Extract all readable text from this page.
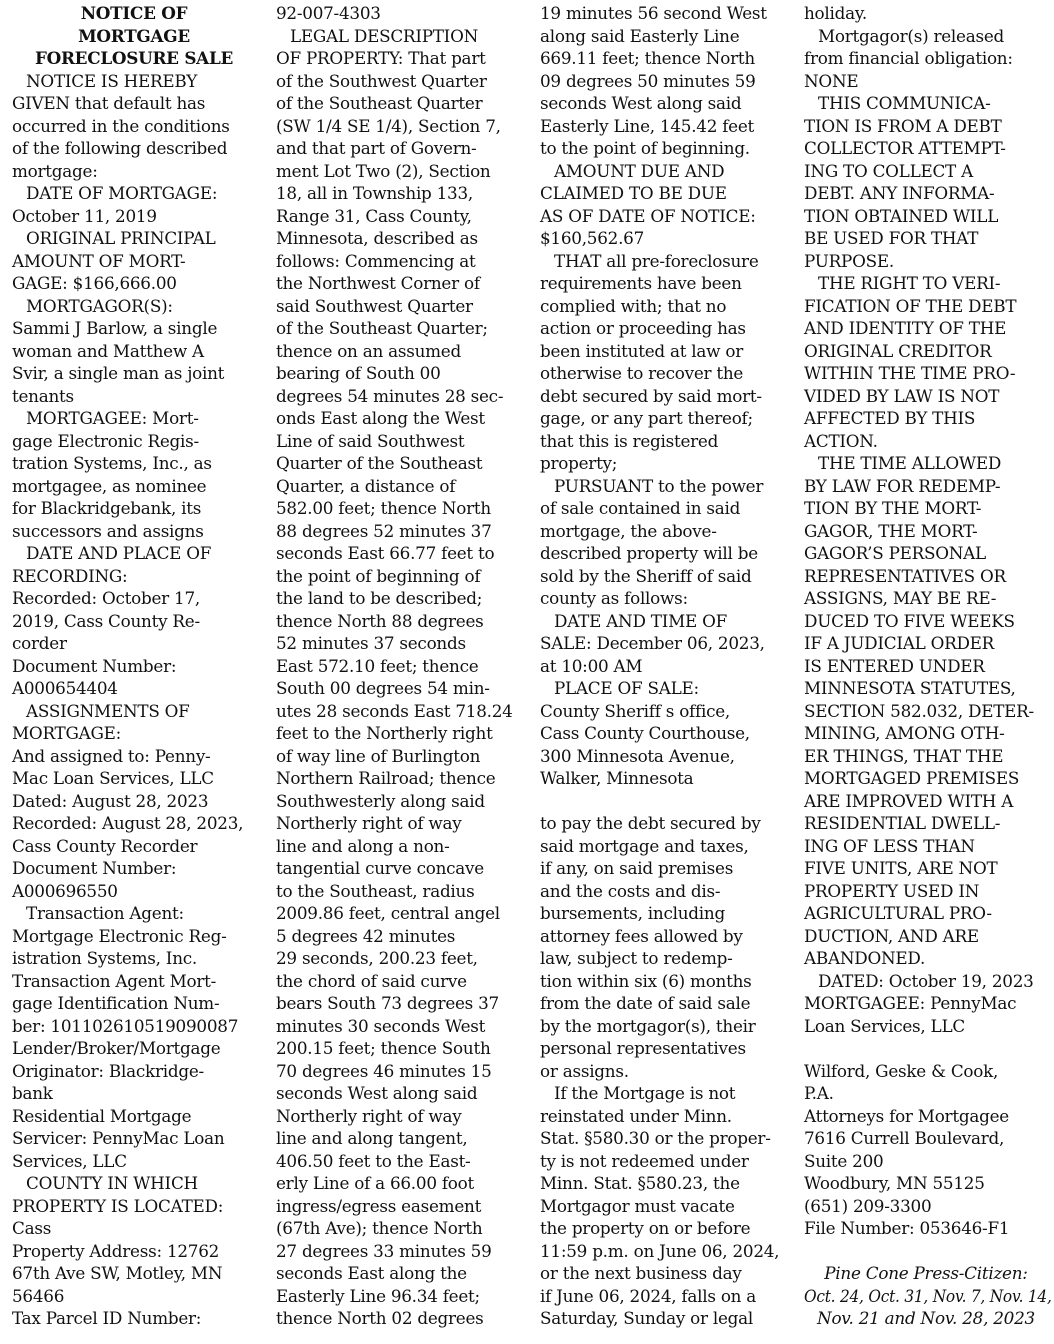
NOTICE OF
MORTGAGE
FORECLOSURE SALE
NOTICE IS HEREBY
GIVEN that default has
occurred in the conditions
of the following described
mortgage:
DATE OF MORTGAGE:
October 11, 2019
ORIGINAL PRINCIPAL
AMOUNT OF MORT-
GAGE: $166,666.00
MORTGAGOR(S):
Sammi J Barlow, a single
woman and Matthew A
Svir, a single man as joint
tenants
MORTGAGEE: Mort-
gage Electronic Regis-
tration Systems, Inc., as
mortgagee, as nominee
for Blackridgebank, its
successors and assigns
DATE AND PLACE OF
RECORDING:
Recorded: October 17,
2019, Cass County Re-
corder
Document Number:
A000654404
ASSIGNMENTS OF
MORTGAGE:
And assigned to: Penny-
Mac Loan Services, LLC
Dated: August 28, 2023
Recorded: August 28, 2023,
Cass County Recorder
Document Number:
A000696550
Transaction Agent:
Mortgage Electronic Reg-
istration Systems, Inc.
Transaction Agent Mort-
gage Identification Num-
ber: 101102610519090087
Lender/Broker/Mortgage
Originator: Blackridge-
bank
Residential Mortgage
Servicer: PennyMac Loan
Services, LLC
COUNTY IN WHICH
PROPERTY IS LOCATED:
Cass
Property Address: 12762
67th Ave SW, Motley, MN
56466
Tax Parcel ID Number:
92-007-4303
LEGAL DESCRIPTION
OF PROPERTY: That part
of the Southwest Quarter
of the Southeast Quarter
(SW 1/4 SE 1/4), Section 7,
and that part of Govern-
ment Lot Two (2), Section
18, all in Township 133,
Range 31, Cass County,
Minnesota, described as
follows: Commencing at
the Northwest Corner of
said Southwest Quarter
of the Southeast Quarter;
thence on an assumed
bearing of South 00
degrees 54 minutes 28 sec-
onds East along the West
Line of said Southwest
Quarter of the Southeast
Quarter, a distance of
582.00 feet; thence North
88 degrees 52 minutes 37
seconds East 66.77 feet to
the point of beginning of
the land to be described;
thence North 88 degrees
52 minutes 37 seconds
East 572.10 feet; thence
South 00 degrees 54 min-
utes 28 seconds East 718.24
feet to the Northerly right
of way line of Burlington
Northern Railroad; thence
Southwesterly along said
Northerly right of way
line and along a non-
tangential curve concave
to the Southeast, radius
2009.86 feet, central angel
5 degrees 42 minutes
29 seconds, 200.23 feet,
the chord of said curve
bears South 73 degrees 37
minutes 30 seconds West
200.15 feet; thence South
70 degrees 46 minutes 15
seconds West along said
Northerly right of way
line and along tangent,
406.50 feet to the East-
erly Line of a 66.00 foot
ingress/egress easement
(67th Ave); thence North
27 degrees 33 minutes 59
seconds East along the
Easterly Line 96.34 feet;
thence North 02 degrees
19 minutes 56 second West
along said Easterly Line
669.11 feet; thence North
09 degrees 50 minutes 59
seconds West along said
Easterly Line, 145.42 feet
to the point of beginning.
AMOUNT DUE AND
CLAIMED TO BE DUE
AS OF DATE OF NOTICE:
$160,562.67
THAT all pre-foreclosure
requirements have been
complied with; that no
action or proceeding has
been instituted at law or
otherwise to recover the
debt secured by said mort-
gage, or any part thereof;
that this is registered
property;
PURSUANT to the power
of sale contained in said
mortgage, the above-
described property will be
sold by the Sheriff of said
county as follows:
DATE AND TIME OF
SALE: December 06, 2023,
at 10:00 AM
PLACE OF SALE:
County Sheriff s office,
Cass County Courthouse,
300 Minnesota Avenue,
Walker, Minnesota
to pay the debt secured by
said mortgage and taxes,
if any, on said premises
and the costs and dis-
bursements, including
attorney fees allowed by
law, subject to redemp-
tion within six (6) months
from the date of said sale
by the mortgagor(s), their
personal representatives
or assigns.
If the Mortgage is not
reinstated under Minn.
Stat. §580.30 or the proper-
ty is not redeemed under
Minn. Stat. §580.23, the
Mortgagor must vacate
the property on or before
11:59 p.m. on June 06, 2024,
or the next business day
if June 06, 2024, falls on a
Saturday, Sunday or legal
holiday.
Mortgagor(s) released
from financial obligation:
NONE
THIS COMMUNICA-
TION IS FROM A DEBT
COLLECTOR ATTEMPT-
ING TO COLLECT A
DEBT. ANY INFORMA-
TION OBTAINED WILL
BE USED FOR THAT
PURPOSE.
THE RIGHT TO VERI-
FICATION OF THE DEBT
AND IDENTITY OF THE
ORIGINAL CREDITOR
WITHIN THE TIME PRO-
VIDED BY LAW IS NOT
AFFECTED BY THIS
ACTION.
THE TIME ALLOWED
BY LAW FOR REDEMP-
TION BY THE MORT-
GAGOR, THE MORT-
GAGOR’S PERSONAL
REPRESENTATIVES OR
ASSIGNS, MAY BE RE-
DUCED TO FIVE WEEKS
IF A JUDICIAL ORDER
IS ENTERED UNDER
MINNESOTA STATUTES,
SECTION 582.032, DETER-
MINING, AMONG OTH-
ER THINGS, THAT THE
MORTGAGED PREMISES
ARE IMPROVED WITH A
RESIDENTIAL DWELL-
ING OF LESS THAN
FIVE UNITS, ARE NOT
PROPERTY USED IN
AGRICULTURAL PRO-
DUCTION, AND ARE
ABANDONED.
DATED: October 19, 2023
MORTGAGEE: PennyMac
Loan Services, LLC
Wilford, Geske & Cook,
P.A.
Attorneys for Mortgagee
7616 Currell Boulevard,
Suite 200
Woodbury, MN 55125
(651) 209-3300
File Number: 053646-F1
Pine Cone Press-Citizen:
Oct. 24, Oct. 31, Nov. 7, Nov. 14,
Nov. 21 and Nov. 28, 2023
